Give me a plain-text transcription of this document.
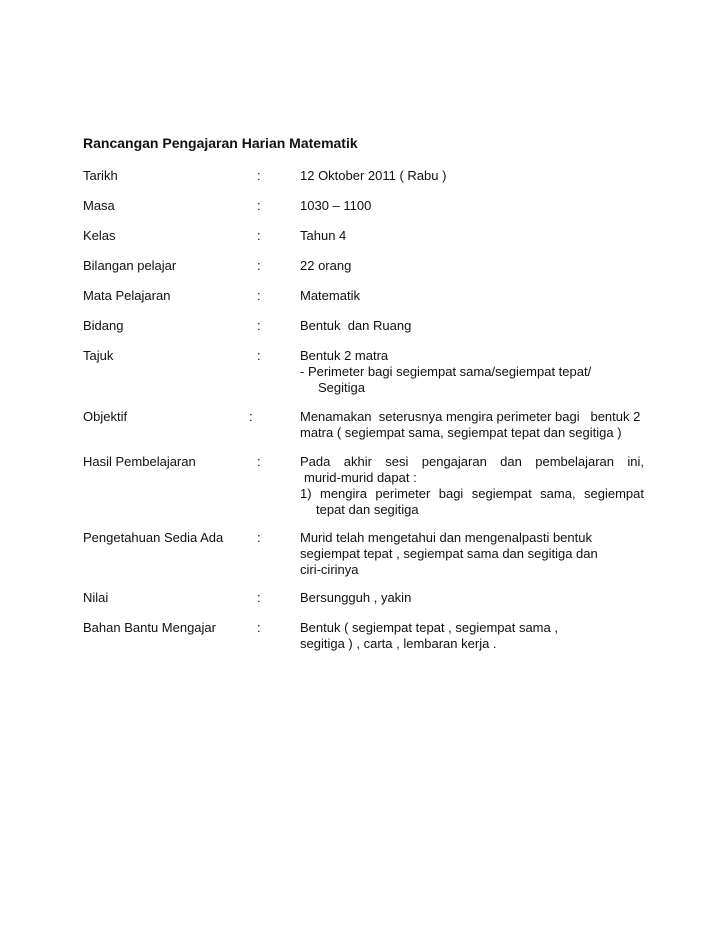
Rancangan Pengajaran Harian Matematik
Tarikh	:	12 Oktober 2011 ( Rabu )
Masa	:	1030 – 1100
Kelas	:	Tahun 4
Bilangan pelajar	:	22 orang
Mata Pelajaran	:	Matematik
Bidang	:	Bentuk  dan Ruang
Tajuk	:	Bentuk 2 matra
- Perimeter bagi segiempat sama/segiempat tepat/
Segitiga
Objektif	:	Menamakan  seterusnya mengira perimeter bagi   bentuk 2
matra ( segiempat sama, segiempat tepat dan segitiga )
Hasil Pembelajaran	:	Pada akhir sesi pengajaran dan pembelajaran ini,
murid-murid dapat :
1) mengira perimeter bagi segiempat sama, segiempat
tepat dan segitiga
Pengetahuan Sedia Ada	:	Murid telah mengetahui dan mengenalpasti bentuk
segiempat tepat , segiempat sama dan segitiga dan
ciri-cirinya
Nilai	:	Bersungguh , yakin
Bahan Bantu Mengajar	:	Bentuk ( segiempat tepat , segiempat sama ,
segitiga ) , carta , lembaran kerja .
